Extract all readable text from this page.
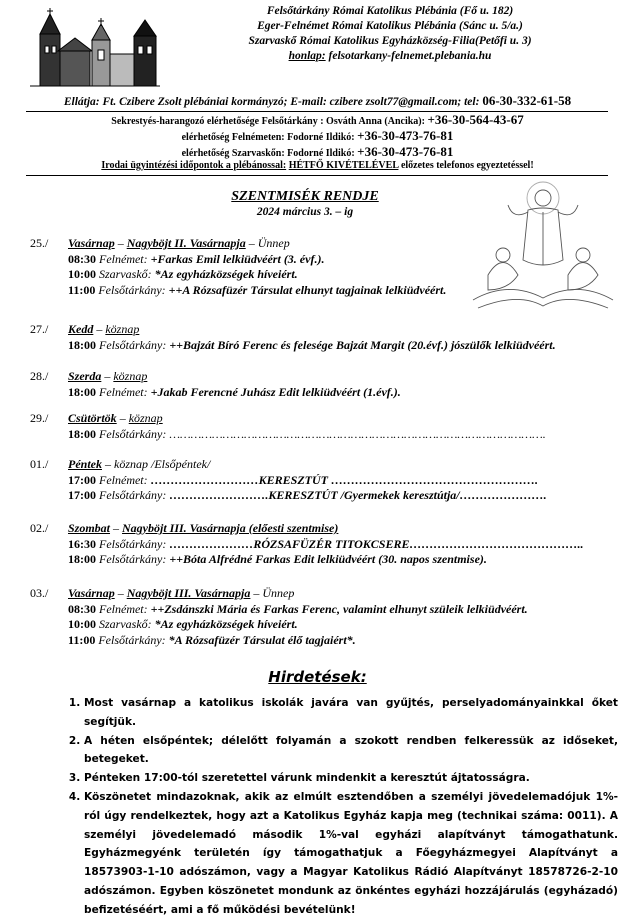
Felsőtárkány Római Katolikus Plébánia (Fő u. 182)
Eger-Felnémet Római Katolikus Plébánia (Sánc u. 5/a.)
Szarvaskő Római Katolikus Egyházközség-Filia(Petőfi u. 3)
honlap: felsotarkany-felnemet.plebania.hu
Ellátja: Ft. Czibere Zsolt plébániai kormányzó; E-mail: czibere zsolt77@gmail.com; tel: 06-30-332-61-58
Sekrestyés-harangozó elérhetősége Felsőtárkány : Osváth Anna (Ancika): +36-30-564-43-67
elérhetőség Felnémeten: Fodorné Ildikó: +36-30-473-76-81
elérhetőség Szarvaskőn: Fodorné Ildikó: +36-30-473-76-81
Irodai ügyintézési időpontok a plébánossal: HÉTFŐ KIVÉTELÉVEL előzetes telefonos egyeztetéssel!
SZENTMISÉK RENDJE
2024 március 3. – ig
25./ Vasárnap – Nagyböjt II. Vasárnapja – Ünnep
08:30 Felnémet: +Farkas Emil lelkiüdvéért (3. évf.).
10:00 Szarvaskő: *Az egyházközségek híveiért.
11:00 Felsőtárkány: ++A Rózsafüzér Társulat elhunyt tagjainak lelkiüdvéért.
27./ Kedd – köznap
18:00 Felsőtárkány: ++Bajzát Bíró Ferenc és felesége Bajzát Margit (20.évf.) jószülők lelkiüdvéért.
28./ Szerda – köznap
18:00 Felnémet: +Jakab Ferencné Juhász Edit lelkiüdvéért (1.évf.).
29./ Csütörtök – köznap
18:00 Felsőtárkány: …………………………………………………………………………………………….
01./ Péntek – köznap /Elsőpéntek/
17:00 Felnémet: ………………………KERESZTÚT …………………………………………….
17:00 Felsőtárkány: …………………….KERESZTÚT /Gyermekek keresztútja/………………….
02./ Szombat – Nagyböjt III. Vasárnapja (előesti szentmise)
16:30 Felsőtárkány: …………………RÓZSAFÜZÉR TITOKCSERE……………………………………..
18:00 Felsőtárkány: ++Bóta Alfrédné Farkas Edit lelkiüdvéért (30. napos szentmise).
03./ Vasárnap – Nagyböjt III. Vasárnapja – Ünnep
08:30 Felnémet: ++Zsdánszki Mária és Farkas Ferenc, valamint elhunyt szüleik lelkiüdvéért.
10:00 Szarvaskő: *Az egyházközségek híveiért.
11:00 Felsőtárkány: *A Rózsafüzér Társulat élő tagjaiért*.
Hirdetések:
1. Most vasárnap a katolikus iskolák javára van gyűjtés, perselyadományainkkal őket segítjük.
2. A héten elsőpéntek; délelőtt folyamán a szokott rendben felkeressük az időseket, betegeket.
3. Pénteken 17:00-tól szeretettel várunk mindenkit a keresztút ájtatosságra.
4. Köszönetet mindazoknak, akik az elmúlt esztendőben a személyi jövedelemadójuk 1%-ról úgy rendelkeztek, hogy azt a Katolikus Egyház kapja meg (technikai száma: 0011). A személyi jövedelemadó második 1%-val egyházi alapítványt támogathatunk. Egyházmegyénk területén így támogathatjuk a Főegyházmegyei Alapítványt a 18573903-1-10 adószámon, vagy a Magyar Katolikus Rádió Alapítványt 18578726-2-10 adószámon. Egyben köszönetet mondunk az önkéntes egyházi hozzájárulás (egyházadó) befizetéséért, ami a fő működési bevételünk!
